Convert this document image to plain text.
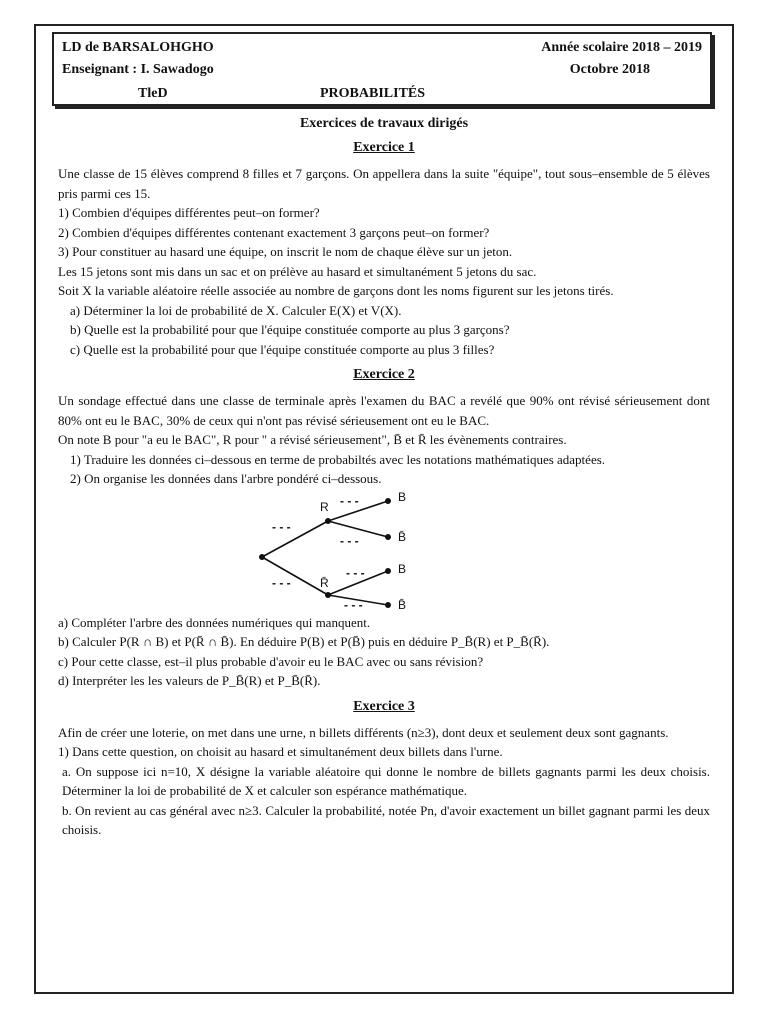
LD de BARSALOHGHO	Année scolaire 2018 – 2019
Enseignant : I. Sawadogo	Octobre 2018
TleD	PROBABILITÉS
Exercices de travaux dirigés
Exercice 1

Une classe de 15 élèves comprend 8 filles et 7 garçons. On appellera dans la suite "équipe", tout sous–ensemble de 5 élèves pris parmi ces 15.

1) Combien d'équipes différentes peut–on former?

2) Combien d'équipes différentes contenant exactement 3 garçons peut–on former?

3) Pour constituer au hasard une équipe, on inscrit le nom de chaque élève sur un jeton.

Les 15 jetons sont mis dans un sac et on prélève au hasard et simultanément 5 jetons du sac.

Soit X la variable aléatoire réelle associée au nombre de garçons dont les noms figurent sur les jetons tirés.

a) Déterminer la loi de probabilité de X. Calculer E(X) et V(X).

b) Quelle est la probabilité pour que l'équipe constituée comporte au plus 3 garçons?

c) Quelle est la probabilité pour que l'équipe constituée comporte au plus 3 filles?

Exercice 2

Un sondage effectué dans une classe de terminale après l'examen du BAC a revélé que 90% ont révisé sérieusement dont 80% ont eu le BAC, 30% de ceux qui n'ont pas révisé sérieusement ont eu le BAC.

On note B pour "a eu le BAC", R pour " a révisé sérieusement", B̄ et R̄ les évènements contraires.

1) Traduire les données ci–dessous en terme de probabiltés avec les notations mathématiques adaptées.

2) On organise les données dans l'arbre pondéré ci–dessous.

R
B
B̄
R̄
B
B̄
- - -
- - -
- - -
- - -
- - -
- - -

a) Compléter l'arbre des données numériques qui manquent.

b) Calculer P(R ∩ B) et P(R̄ ∩ B̄). En déduire P(B) et P(B̄) puis en déduire P_B̄(R) et P_B̄(R̄).

c) Pour cette classe, est–il plus probable d'avoir eu le BAC avec ou sans révision?

d) Interpréter les les valeurs de P_B̄(R) et P_B̄(R̄).

Exercice 3

Afin de créer une loterie, on met dans une urne, n billets différents (n≥3), dont deux et seulement deux sont gagnants.

1) Dans cette question, on choisit au hasard et simultanément deux billets dans l'urne.

a. On suppose ici n=10, X désigne la variable aléatoire qui donne le nombre de billets gagnants parmi les deux choisis. Déterminer la loi de probabilité de X et calculer son espérance mathématique.

b. On revient au cas général avec n≥3. Calculer la probabilité, notée Pn, d'avoir exactement un billet gagnant parmi les deux choisis.
